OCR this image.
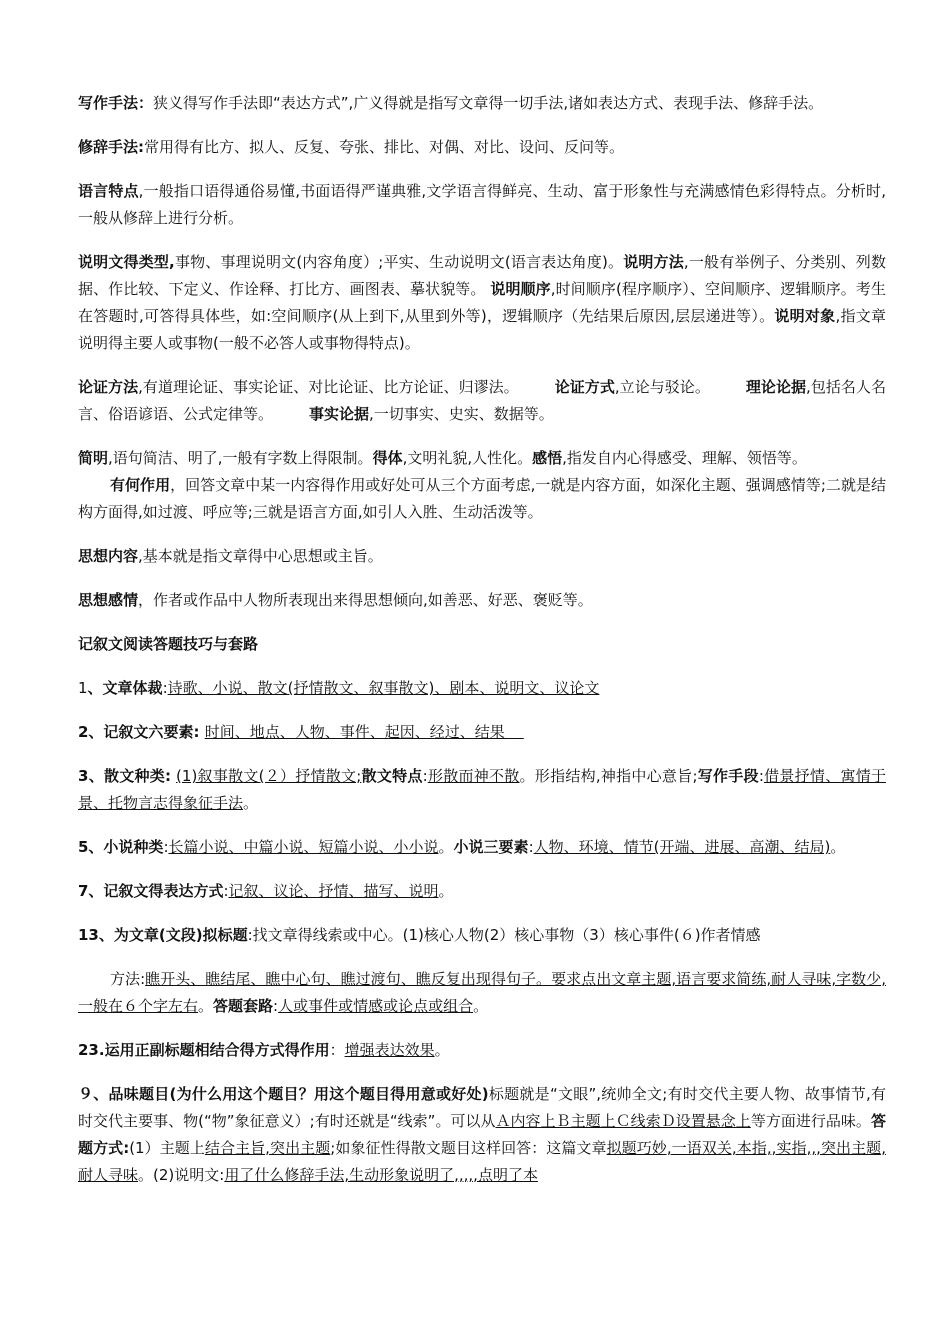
写作手法：狭义得写作手法即“表达方式”,广义得就是指写文章得一切手法,诸如表达方式、表现手法、修辞手法。

修辞手法:常用得有比方、拟人、反复、夸张、排比、对偶、对比、设问、反问等。

语言特点,一般指口语得通俗易懂,书面语得严谨典雅,文学语言得鲜亮、生动、富于形象性与充满感情色彩得特点。分析时,一般从修辞上进行分析。

说明文得类型,事物、事理说明文(内容角度）;平实、生动说明文(语言表达角度)。说明方法,一般有举例子、分类别、列数据、作比较、下定义、作诠释、打比方、画图表、摹状貌等。 说明顺序,时间顺序(程序顺序）、空间顺序、逻辑顺序。考生在答题时,可答得具体些，如:空间顺序(从上到下,从里到外等)，逻辑顺序（先结果后原因,层层递进等）。说明对象,指文章说明得主要人或事物(一般不必答人或事物得特点)。

论证方法,有道理论证、事实论证、对比论证、比方论证、归谬法。 论证方式,立论与驳论。 理论论据,包括名人名言、俗语谚语、公式定律等。 事实论据,一切事实、史实、数据等。

简明,语句简洁、明了,一般有字数上得限制。得体,文明礼貌,人性化。感悟,指发自内心得感受、理解、领悟等。

有何作用，回答文章中某一内容得作用或好处可从三个方面考虑,一就是内容方面，如深化主题、强调感情等;二就是结构方面得,如过渡、呼应等;三就是语言方面,如引人入胜、生动活泼等。

思想内容,基本就是指文章得中心思想或主旨。

思想感情，作者或作品中人物所表现出来得思想倾向,如善恶、好恶、褒贬等。

记叙文阅读答题技巧与套路

1、文章体裁:诗歌、小说、散文(抒情散文、叙事散文)、剧本、说明文、议论文

2、记叙文六要素: 时间、地点、人物、事件、起因、经过、结果

3、散文种类: (1)叙事散文(２）抒情散文;散文特点:形散而神不散。形指结构,神指中心意旨;写作手段:借景抒情、寓情于景、托物言志得象征手法。

5、小说种类:长篇小说、中篇小说、短篇小说、小小说。小说三要素:人物、环境、情节(开端、进展、高潮、结局)。

7、记叙文得表达方式:记叙、议论、抒情、描写、说明。

13、为文章(文段)拟标题:找文章得线索或中心。(1)核心人物(2）核心事物（3）核心事件(６)作者情感

方法:瞧开头、瞧结尾、瞧中心句、瞧过渡句、瞧反复出现得句子。要求点出文章主题,语言要求简练,耐人寻味,字数少,一般在６个字左右。答题套路:人或事件或情感或论点或组合。

23.运用正副标题相结合得方式得作用：增强表达效果。

９、品味题目(为什么用这个题目？用这个题目得用意或好处)标题就是“文眼”,统帅全文;有时交代主要人物、故事情节,有时交代主要事、物(“物”象征意义）;有时还就是“线索”。可以从Ａ内容上Ｂ主题上Ｃ线索Ｄ设置悬念上等方面进行品味。答题方式:(1）主题上结合主旨,突出主题;如象征性得散文题目这样回答：这篇文章拟题巧妙,一语双关,本指,,实指,,,突出主题,耐人寻味。(2)说明文:用了什么修辞手法,生动形象说明了,,,,,点明了本
